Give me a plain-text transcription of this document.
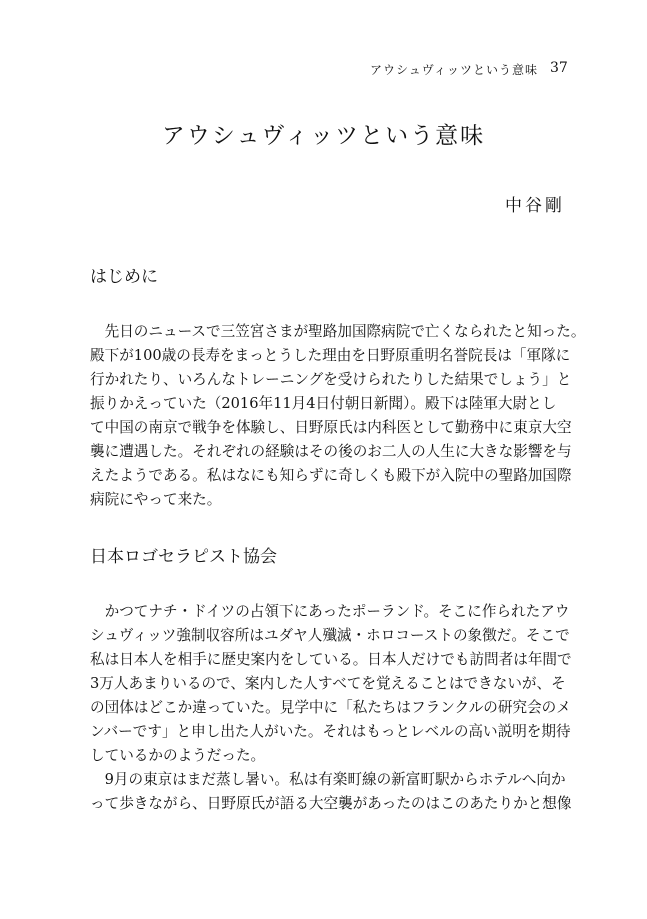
アウシュヴィッツという意味 37
アウシュヴィッツという意味
中谷剛
はじめに
　先日のニュースで三笠宮さまが聖路加国際病院で亡くなられたと知った。
殿下が100歳の長寿をまっとうした理由を日野原重明名誉院長は「軍隊に
行かれたり、いろんなトレーニングを受けられたりした結果でしょう」と
振りかえっていた（2016年11月4日付朝日新聞）。殿下は陸軍大尉とし
て中国の南京で戦争を体験し、日野原氏は内科医として勤務中に東京大空
襲に遭遇した。それぞれの経験はその後のお二人の人生に大きな影響を与
えたようである。私はなにも知らずに奇しくも殿下が入院中の聖路加国際
病院にやって来た。
日本ロゴセラピスト協会
　かつてナチ・ドイツの占領下にあったポーランド。そこに作られたアウ
シュヴィッツ強制収容所はユダヤ人殲滅・ホロコーストの象徴だ。そこで
私は日本人を相手に歴史案内をしている。日本人だけでも訪問者は年間で
3万人あまりいるので、案内した人すべてを覚えることはできないが、そ
の団体はどこか違っていた。見学中に「私たちはフランクルの研究会のメ
ンバーです」と申し出た人がいた。それはもっとレベルの高い説明を期待
しているかのようだった。
　9月の東京はまだ蒸し暑い。私は有楽町線の新富町駅からホテルへ向か
って歩きながら、日野原氏が語る大空襲があったのはこのあたりかと想像
